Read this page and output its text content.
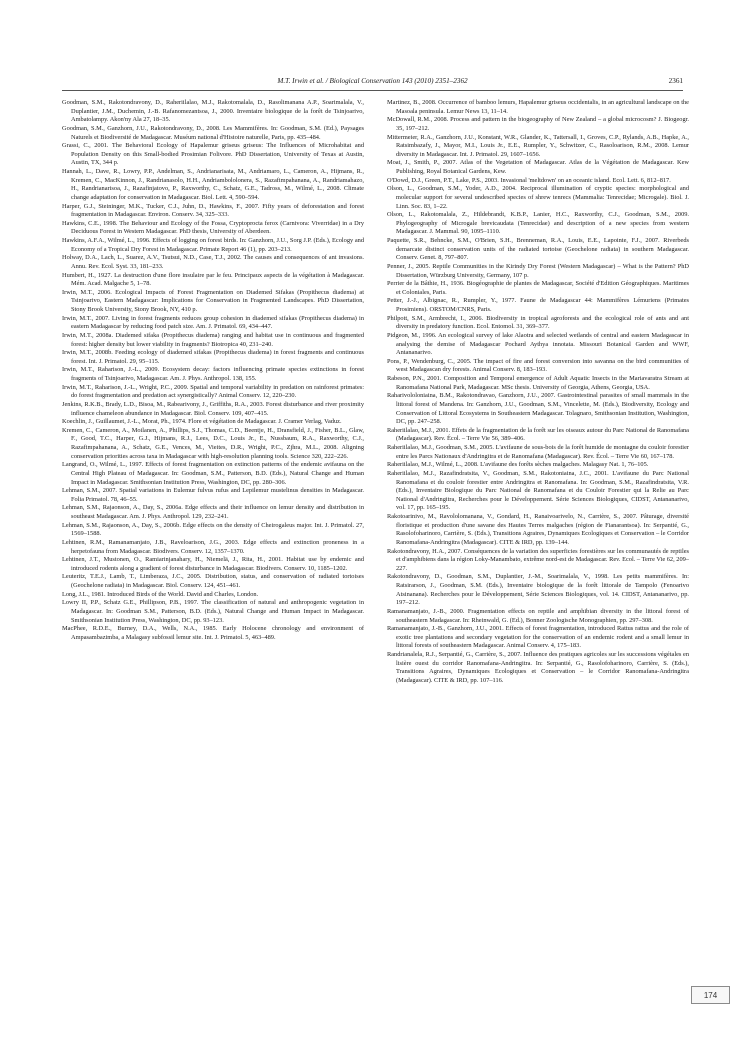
M.T. Irwin et al. / Biological Conservation 143 (2010) 2351–2362	2361

Goodman, S.M., Rakotondravony, D., Raheriilalao, M.J., Rakotomalala, D., Rasolimanana A.P., Soarimalala, V., Duplantier, J.M., Duchemin, J.-B. Rafanomezantsoa, J., 2000. Inventaire biologique de la forêt de Tsinjoarivo, Ambatolampy. Akon'ny Ala 27, 18–35.

Goodman, S.M., Ganzhorn, J.U., Rakotondravony, D., 2008. Les Mammifères. In: Goodman, S.M. (Ed.), Paysages Naturels et Biodiversité de Madagascar. Muséum national d'Histoire naturelle, Paris, pp. 435–484.

Grassi, C., 2001. The Behavioral Ecology of Hapalemur griseus griseus: The Influences of Microhabitat and Population Density on this Small-bodied Prosimian Folivore. PhD Dissertation, University of Texas at Austin, Austin, TX, 344 p.

Hannah, L., Dave, R., Lowry, P.P., Andelman, S., Andrianarisata, M., Andriamaro, L., Cameron, A., Hijmans, R., Kremen, C., MacKinnon, J., Randrianasolo, H.H., Andriambololonera, S., Razafimpahanana, A., Randriamahazo, H., Randrianarisoa, J., Razafinjatovo, P., Raxworthy, C., Schatz, G.E., Tadross, M., Wilmé, L., 2008. Climate change adaptation for conservation in Madagascar. Biol. Lett. 4, 590–594.

Harper, G.J., Steininger, M.K., Tucker, C.J., Juhn, D., Hawkins, F., 2007. Fifty years of deforestation and forest fragmentation in Madagascar. Environ. Conserv. 34, 325–333.

Hawkins, C.E., 1998. The Behaviour and Ecology of the Fossa, Cryptoprocta ferox (Carnivora: Viverridae) in a Dry Deciduous Forest in Western Madagascar. PhD thesis, University of Aberdeen.

Hawkins, A.F.A., Wilmé, L., 1996. Effects of logging on forest birds. In: Ganzhorn, J.U., Sorg J.P. (Eds.), Ecology and Economy of a Tropical Dry Forest in Madagascar. Primate Report 46 (1), pp. 203–213.

Holway, D.A., Lach, L., Suarez, A.V., Tsutsui, N.D., Case, T.J., 2002. The causes and consequences of ant invasions. Annu. Rev. Ecol. Syst. 33, 181–233.

Humbert, H., 1927. La destruction d'une flore insulaire par le feu. Principaux aspects de la végétation à Madagascar. Mém. Acad. Malgache 5, 1–78.

Irwin, M.T., 2006. Ecological Impacts of Forest Fragmentation on Diademed Sifakas (Propithecus diadema) at Tsinjoarivo, Eastern Madagascar: Implications for Conservation in Fragmented Landscapes. PhD Dissertation, Stony Brook University, Stony Brook, NY, 410 p.

Irwin, M.T., 2007. Living in forest fragments reduces group cohesion in diademed sifakas (Propithecus diadema) in eastern Madagascar by reducing food patch size. Am. J. Primatol. 69, 434–447.

Irwin, M.T., 2008a. Diademed sifaka (Propithecus diadema) ranging and habitat use in continuous and fragmented forest: higher density but lower viability in fragments? Biotropica 40, 231–240.

Irwin, M.T., 2008b. Feeding ecology of diademed sifakas (Propithecus diadema) in forest fragments and continuous forest. Int. J. Primatol. 29, 95–115.

Irwin, M.T., Raharison, J.-L., 2009. Ecosystem decay: factors influencing primate species extinctions in forest fragments of Tsinjoarivo, Madagascar. Am. J. Phys. Anthropol. 138, 155.

Irwin, M.T., Raharison, J.-L., Wright, P.C., 2009. Spatial and temporal variability in predation on rainforest primates: do forest fragmentation and predation act synergistically? Animal Conserv. 12, 220–230.

Jenkins, R.K.B., Brady, L.D., Bisoa, M., Rabearivony, J., Griffiths, R.A., 2003. Forest disturbance and river proximity influence chameleon abundance in Madagascar. Biol. Conserv. 109, 407–415.

Koechlin, J., Guillaumet, J.-L., Morat, Ph., 1974. Flore et végétation de Madagascar. J. Cramer Verlag, Vaduz.

Kremen, C., Cameron, A., Moilanen, A., Phillips, S.J., Thomas, C.D., Beentje, H., Dransfield, J., Fisher, B.L., Glaw, F., Good, T.C., Harper, G.J., Hijmans, R.J., Lees, D.C., Louis Jr., E., Nussbaum, R.A., Raxworthy, C.J., Razafimpahanana, A., Schatz, G.E., Vences, M., Vieites, D.R., Wright, P.C., Zjhra, M.L., 2008. Aligning conservation priorities across taxa in Madagascar with high-resolution planning tools. Science 320, 222–226.

Langrand, O., Wilmé, L., 1997. Effects of forest fragmentation on extinction patterns of the endemic avifauna on the Central High Plateau of Madagascar. In: Goodman, S.M., Patterson, B.D. (Eds.), Natural Change and Human Impact in Madagascar. Smithsonian Institution Press, Washington, DC, pp. 280–306.

Lehman, S.M., 2007. Spatial variations in Eulemur fulvus rufus and Lepilemur mustelinus densities in Madagascar. Folia Primatol. 78, 46–55.

Lehman, S.M., Rajaonson, A., Day, S., 2006a. Edge effects and their influence on lemur density and distribution in southeast Madagascar. Am. J. Phys. Anthropol. 129, 232–241.

Lehman, S.M., Rajaonson, A., Day, S., 2006b. Edge effects on the density of Cheirogaleus major. Int. J. Primatol. 27, 1569–1588.

Lehtinen, R.M., Ramanamanjato, J.B., Raveloarison, J.G., 2003. Edge effects and extinction proneness in a herpetofauna from Madagascar. Biodivers. Conserv. 12, 1357–1370.

Lehtinen, J.T., Mustonen, O., Ramiarinjanahary, H., Niemelä, J., Rita, H., 2001. Habitat use by endemic and introduced rodents along a gradient of forest disturbance in Madagascar. Biodivers. Conserv. 10, 1185–1202.

Leuteritz, T.E.J., Lamb, T., Limberaza, J.C., 2005. Distribution, status, and conservation of radiated tortoises (Geochelone radiata) in Madagascar. Biol. Conserv. 124, 451–461.

Long, J.L., 1981. Introduced Birds of the World. David and Charles, London.

Lowry II, P.P., Schatz G.E., Phillipson, P.B., 1997. The classification of natural and anthropogenic vegetation in Madagascar. In: Goodman S.M., Patterson, B.D. (Eds.), Natural Change and Human Impact in Madagascar. Smithsonian Institution Press, Washington, DC, pp. 93–123.

MacPhee, R.D.E., Burney, D.A., Wells, N.A., 1985. Early Holocene chronology and environment of Ampasambazimba, a Malagasy subfossil lemur site. Int. J. Primatol. 5, 463–489.

Martinez, B., 2008. Occurrence of bamboo lemurs, Hapalemur griseus occidentalis, in an agricultural landscape on the Masoala peninsula. Lemur News 13, 11–14.

McDowall, R.M., 2008. Process and pattern in the biogeography of New Zealand – a global microcosm? J. Biogeogr. 35, 197–212.

Mittermeier, R.A., Ganzhorn, J.U., Konstant, W.R., Glander, K., Tattersall, I., Groves, C.P., Rylands, A.B., Hapke, A., Ratsimbazafy, J., Mayor, M.I., Louis Jr., E.E., Rumpler, Y., Schwitzer, C., Rasoloarison, R.M., 2008. Lemur diversity in Madagascar. Int. J. Primatol. 29, 1607–1656.

Moat, J., Smith, P., 2007. Atlas of the Vegetation of Madagascar. Atlas de la Végétation de Madagascar. Kew Publishing, Royal Botanical Gardens, Kew.

O'Dowd, D.J., Green, P.T., Lake, P.S., 2003. Invasional 'meltdown' on an oceanic island. Ecol. Lett. 6, 812–817.

Olson, L., Goodman, S.M., Yoder, A.D., 2004. Reciprocal illumination of cryptic species: morphological and molecular support for several undescribed species of shrew tenrecs (Mammalia: Tenrecidae; Microgale). Biol. J. Linn. Soc. 83, 1–22.

Olson, L., Rakotomalala, Z., Hildebrandt, K.B.P., Lanier, H.C., Raxworthy, C.J., Goodman, S.M., 2009. Phylogeography of Microgale brevicaudata (Tenrecidae) and description of a new species from western Madagascar. J. Mammal. 90, 1095–1110.

Paquette, S.R., Behncke, S.M., O'Brien, S.H., Brenneman, R.A., Louis, E.E., Lapointe, F.J., 2007. Riverbeds demarcate distinct conservation units of the radiated tortoise (Geochelone radiata) in southern Madagascar. Conserv. Genet. 8, 797–807.

Penner, J., 2005. Reptile Communities in the Kirindy Dry Forest (Western Madagascar) – What is the Pattern? PhD Dissertation, Würzburg University, Germany, 107 p.

Perrier de la Bâthie, H., 1936. Biogéographie de plantes de Madagascar, Société d'Edition Géographiques. Maritimes et Coloniales, Paris.

Petter, J.-J., Albignac, R., Rumpler, Y., 1977. Faune de Madagascar 44: Mammifères Lémuriens (Primates Prosimiens). ORSTOM/CNRS, Paris.

Philpott, S.M., Armbrecht, I., 2006. Biodiversity in tropical agroforests and the ecological role of ants and ant diversity in predatory function. Ecol. Entomol. 31, 369–377.

Pidgeon, M., 1996. An ecological survey of lake Alaotra and selected wetlands of central and eastern Madagascar in analysing the demise of Madagascar Pochard Aythya innotata. Missouri Botanical Garden and WWF, Antananarivo.

Pons, P., Wendenburg, C., 2005. The impact of fire and forest conversion into savanna on the bird communities of west Madagascan dry forests. Animal Conserv. 8, 183–193.

Rabeson, P.N., 2001. Composition and Temporal emergence of Adult Aquatic Insects in the Mariavaratra Stream at Ranomafana National Park, Madagascar. MSc thesis. University of Georgia, Athens, Georgia, USA.

Raharivololoniaina, B.M., Rakotondravao, Ganzhorn, J.U., 2007. Gastrointestinal parasites of small mammals in the littoral forest of Mandena. In: Ganzhorn, J.U., Goodman, S.M., Vincelette, M. (Eds.), Biodiversity, Ecology and Conservation of Littoral Ecosystems in Southeastern Madagascar. Tolagnaro, Smithsonian Institution, Washington, DC, pp. 247–258.

Raheriilalao, M.J., 2001. Effets de la fragmentation de la forêt sur les oiseaux autour du Parc National de Ranomafana (Madagascar). Rev. Écol. – Terre Vie 56, 389–406.

Raheriilalao, M.J., Goodman, S.M., 2005. L'avifaune de sous-bois de la forêt humide de montagne du couloir forestier entre les Parcs Nationaux d'Andringitra et de Ranomafana (Madagascar). Rev. Écol. – Terre Vie 60, 167–178.

Raheriilalao, M.J., Wilmé, L., 2008. L'avifaune des forêts sèches malgaches. Malagasy Nat. 1, 76–105.

Raheriilalao, M.J., Razafindratsita, V., Goodman, S.M., Rakotoniaina, J.C., 2001. L'avifaune du Parc National Ranomafana et du couloir forestier entre Andringitra et Ranomafana. In: Goodman, S.M., Razafindratsita, V.R. (Eds.), Inventaire Biologique du Parc National de Ranomafana et du Couloir Forestier qui la Relie au Parc National d'Andringitra, Recherches pour le Développement. Série Sciences Biologiques, CIDST, Antananarivo, vol. 17, pp. 165–195.

Rakotoarinivo, M., Ravololomanana, V., Gondard, H., Ranaivoarivelo, N., Carrière, S., 2007. Pâturage, diversité floristique et production d'une savane des Hautes Terres malgaches (région de Fianarantsoa). In: Serpantié, G., Rasolofoharinoro, Carrière, S. (Eds.), Transitions Agraires, Dynamiques Ecologiques et Conservation – le Corridor Ranomafana-Andringitra (Madagascar). CITE & IRD, pp. 139–144.

Rakotondravony, H.A., 2007. Conséquences de la variation des superficies forestières sur les communautés de reptiles et d'amphibiens dans la région Loky-Manambato, extrême nord-est de Madagascar. Rev. Ecol. – Terre Vie 62, 209–227.

Rakotondravony, D., Goodman, S.M., Duplantier, J.-M., Soarimalala, V., 1998. Les petits mammifères. In: Ratsirarson, J., Goodman, S.M. (Eds.), Inventaire biologique de la forêt littorale de Tampolo (Fenoarivo Atsinanana). Recherches pour le Développement, Série Sciences Biologiques, vol. 14. CIDST, Antananarivo, pp. 197–212.

Ramanamanjato, J.-B., 2000. Fragmentation effects on reptile and amphibian diversity in the littoral forest of southeastern Madagascar. In: Rheinwald, G. (Ed.), Bonner Zoologische Monographien, pp. 297–308.

Ramanamanjato, J.-B., Ganzhorn, J.U., 2001. Effects of forest fragmentation, introduced Rattus rattus and the role of exotic tree plantations and secondary vegetation for the conservation of an endemic rodent and a small lemur in littoral forests of southeastern Madagascar. Animal Conserv. 4, 175–183.

Randrianalela, R.J., Serpantié, G., Carrière, S., 2007. Influence des pratiques agricoles sur les successions végétales en lisière ouest du corridor Ranomafana-Andringitra. In: Serpantié, G., Rasolofoharinoro, Carrière, S. (Eds.), Transitions Agraires, Dynamiques Ecologiques et Conservation – le Corridor Ranomafana-Andringitra (Madagascar). CITE & IRD, pp. 107–116.

174
